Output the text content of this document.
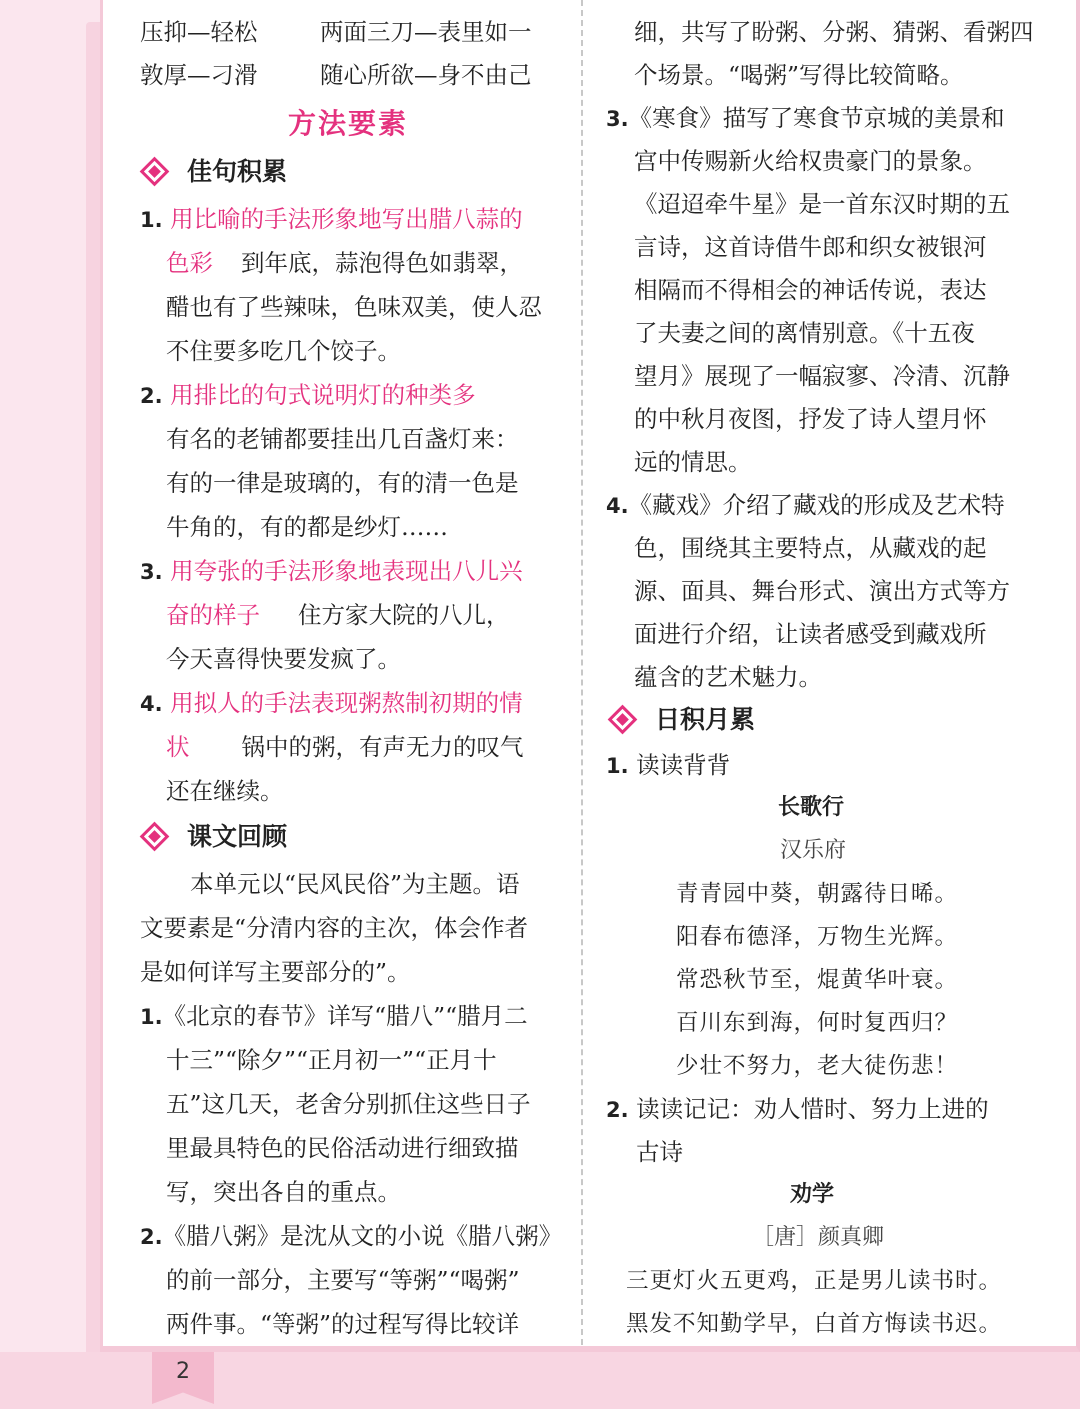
2
压抑—轻松	两面三刀—表里如一
敦厚—刁滑	随心所欲—身不由己
方法要素
佳句积累
1. 用比喻的手法形象地写出腊八蒜的
色彩 到年底，蒜泡得色如翡翠，
醋也有了些辣味，色味双美，使人忍
不住要多吃几个饺子。
2. 用排比的句式说明灯的种类多
有名的老铺都要挂出几百盏灯来：
有的一律是玻璃的，有的清一色是
牛角的，有的都是纱灯……
3. 用夸张的手法形象地表现出八儿兴
奋的样子 住方家大院的八儿，
今天喜得快要发疯了。
4. 用拟人的手法表现粥熬制初期的情
状 锅中的粥，有声无力的叹气
还在继续。
课文回顾
本单元以“民风民俗”为主题。语
文要素是“分清内容的主次，体会作者
是如何详写主要部分的”。
1.《北京的春节》详写“腊八”“腊月二
十三”“除夕”“正月初一”“正月十
五”这几天，老舍分别抓住这些日子
里最具特色的民俗活动进行细致描
写，突出各自的重点。
2.《腊八粥》是沈从文的小说《腊八粥》
的前一部分，主要写“等粥”“喝粥”
两件事。“等粥”的过程写得比较详
细，共写了盼粥、分粥、猜粥、看粥四
个场景。“喝粥”写得比较简略。
3.《寒食》描写了寒食节京城的美景和
宫中传赐新火给权贵豪门的景象。
《迢迢牵牛星》是一首东汉时期的五
言诗，这首诗借牛郎和织女被银河
相隔而不得相会的神话传说，表达
了夫妻之间的离情别意。《十五夜
望月》展现了一幅寂寥、冷清、沉静
的中秋月夜图，抒发了诗人望月怀
远的情思。
4.《藏戏》介绍了藏戏的形成及艺术特
色，围绕其主要特点，从藏戏的起
源、面具、舞台形式、演出方式等方
面进行介绍，让读者感受到藏戏所
蕴含的艺术魅力。
日积月累
1. 读读背背
长歌行
汉乐府
青青园中葵，朝露待日晞。
阳春布德泽，万物生光辉。
常恐秋节至，焜黄华叶衰。
百川东到海，何时复西归？
少壮不努力，老大徒伤悲！
2. 读读记记：劝人惜时、努力上进的
古诗
劝学
［唐］颜真卿
三更灯火五更鸡，正是男儿读书时。
黑发不知勤学早，白首方悔读书迟。
